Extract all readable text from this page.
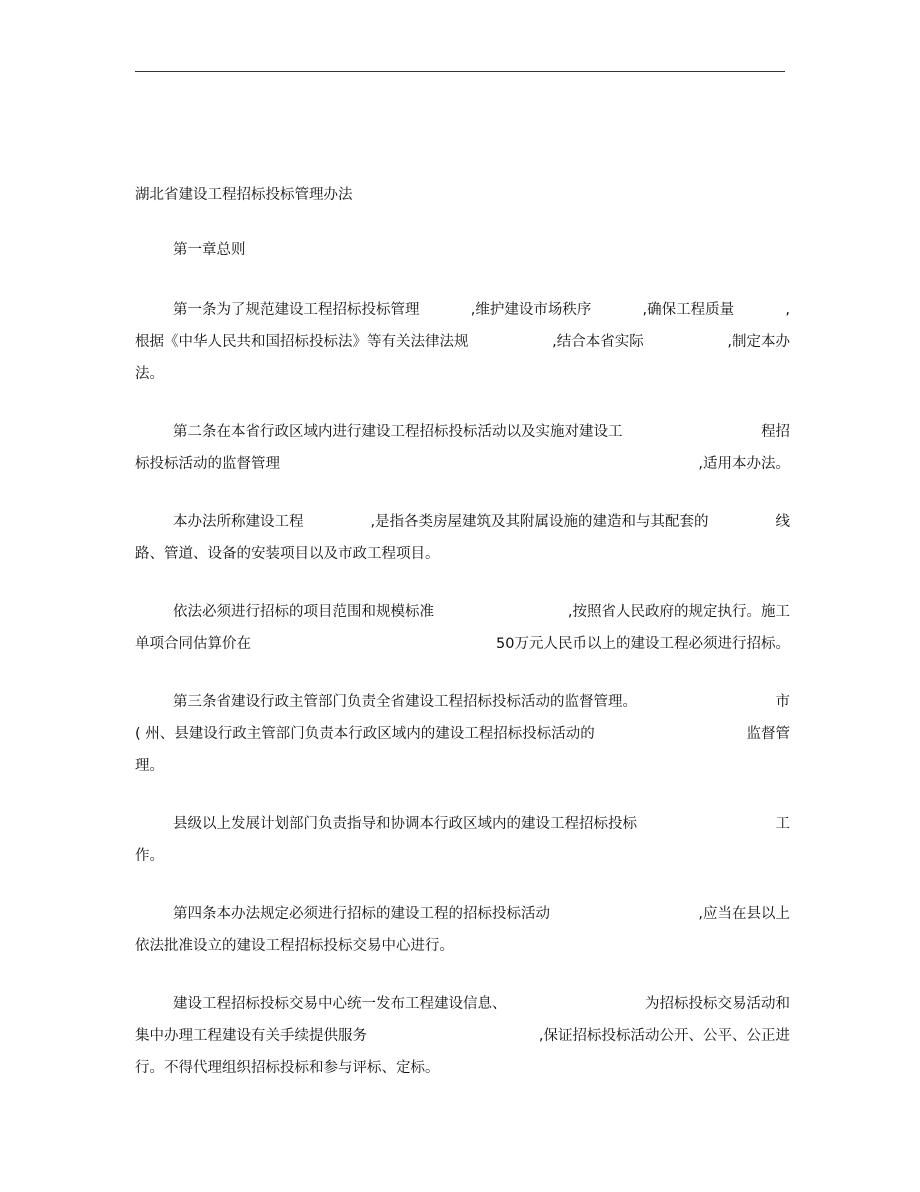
湖北省建设工程招标投标管理办法
第一章总则
第一条为了规范建设工程招标投标管理	,维护建设市场秩序	,确保工程质量	,
根据《中华人民共和国招标投标法》等有关法律法规	,结合本省实际	,制定本办
法。
第二条在本省行政区域内进行建设工程招标投标活动以及实施对建设工	程招
标投标活动的监督管理	,适用本办法。
本办法所称建设工程	,是指各类房屋建筑及其附属设施的建造和与其配套的	线
路、管道、设备的安装项目以及市政工程项目。
依法必须进行招标的项目范围和规模标准	,按照省人民政府的规定执行。施工
单项合同估算价在	50万元人民币以上的建设工程必须进行招标。
第三条省建设行政主管部门负责全省建设工程招标投标活动的监督管理。	市
( 州、县建设行政主管部门负责本行政区域内的建设工程招标投标活动的	监督管
理。
县级以上发展计划部门负责指导和协调本行政区域内的建设工程招标投标	工
作。
第四条本办法规定必须进行招标的建设工程的招标投标活动	,应当在县以上
依法批准设立的建设工程招标投标交易中心进行。
建设工程招标投标交易中心统一发布工程建设信息、	为招标投标交易活动和
集中办理工程建设有关手续提供服务	,保证招标投标活动公开、公平、公正进
行。不得代理组织招标投标和参与评标、定标。
